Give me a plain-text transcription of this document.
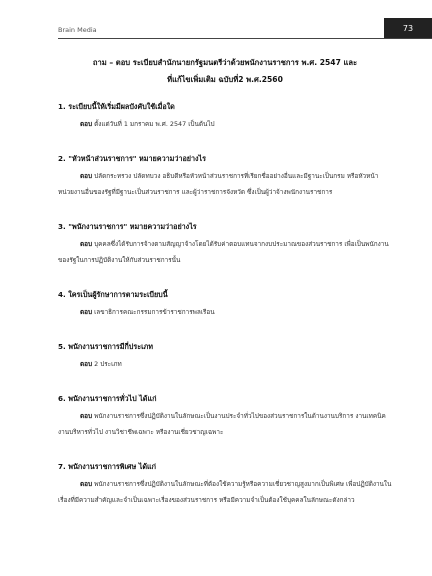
Brain Media	73
ถาม – ตอบ ระเบียบสำนักนายกรัฐมนตรีว่าด้วยพนักงานราชการ พ.ศ. 2547 และ
ที่แก้ไขเพิ่มเติม ฉบับที่2 พ.ศ.2560
1. ระเบียบนี้ให้เริ่มมีผลบังคับใช้เมื่อใด
ตอบ ตั้งแต่วันที่ 1 มกราคม พ.ศ. 2547 เป็นต้นไป
2. "หัวหน้าส่วนราชการ" หมายความว่าอย่างไร
ตอบ ปลัดกระทรวง ปลัดทบวง อธิบดีหรือหัวหน้าส่วนราชการที่เรียกชื่ออย่างอื่นและมีฐานะเป็นกรม หรือหัวหน้าหน่วยงานอื่นของรัฐที่มีฐานะเป็นส่วนราชการ และผู้ว่าราชการจังหวัด ซึ่งเป็นผู้ว่าจ้างพนักงานราชการ
3. "พนักงานราชการ" หมายความว่าอย่างไร
ตอบ บุคคลซึ่งได้รับการจ้างตามสัญญาจ้างโดยได้รับค่าตอบแทนจากงบประมาณของส่วนราชการ เพื่อเป็นพนักงานของรัฐในการปฏิบัติงานให้กับส่วนราชการนั้น
4. ใครเป็นผู้รักษาการตามระเบียบนี้
ตอบ เลขาธิการคณะกรรมการข้าราชการพลเรือน
5. พนักงานราชการมีกี่ประเภท
ตอบ 2 ประเภท
6. พนักงานราชการทั่วไป ได้แก่
ตอบ พนักงานราชการซึ่งปฏิบัติงานในลักษณะเป็นงานประจำทั่วไปของส่วนราชการในด้านงานบริการ งานเทคนิค งานบริหารทั่วไป งานวิชาชีพเฉพาะ หรืองานเชี่ยวชาญเฉพาะ
7. พนักงานราชการพิเศษ ได้แก่
ตอบ พนักงานราชการซึ่งปฏิบัติงานในลักษณะที่ต้องใช้ความรู้หรือความเชี่ยวชาญสูงมากเป็นพิเศษ เพื่อปฏิบัติงานในเรื่องที่มีความสำคัญและจำเป็นเฉพาะเรื่องของส่วนราชการ หรือมีความจำเป็นต้องใช้บุคคลในลักษณะดังกล่าว
